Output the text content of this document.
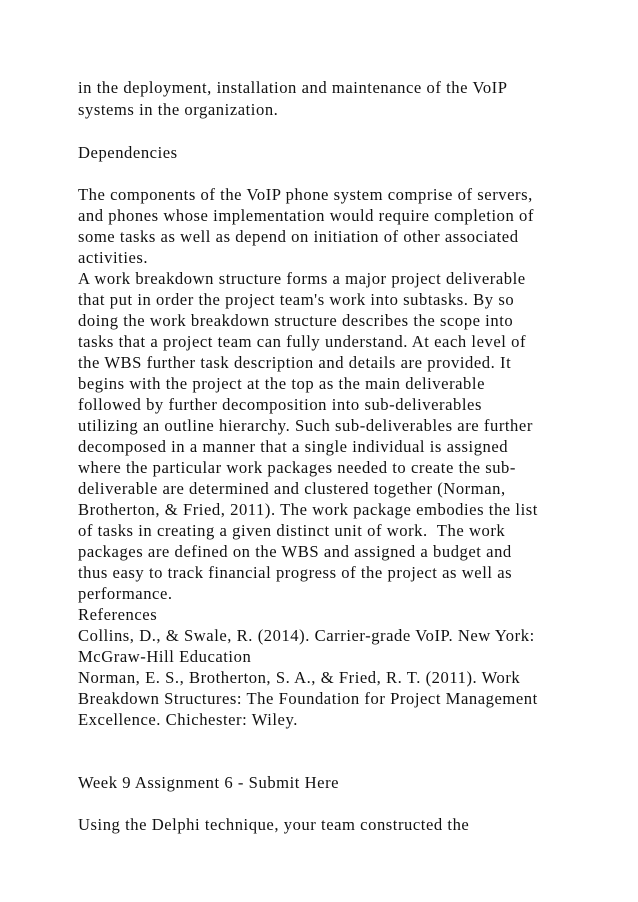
in the deployment, installation and maintenance of the VoIP

systems in the organization.

Dependencies

The components of the VoIP phone system comprise of servers,

and phones whose implementation would require completion of

some tasks as well as depend on initiation of other associated

activities.

A work breakdown structure forms a major project deliverable

that put in order the project team's work into subtasks. By so

doing the work breakdown structure describes the scope into

tasks that a project team can fully understand. At each level of

the WBS further task description and details are provided. It

begins with the project at the top as the main deliverable

followed by further decomposition into sub-deliverables

utilizing an outline hierarchy. Such sub-deliverables are further

decomposed in a manner that a single individual is assigned

where the particular work packages needed to create the sub-

deliverable are determined and clustered together (Norman,

Brotherton, & Fried, 2011). The work package embodies the list

of tasks in creating a given distinct unit of work.  The work

packages are defined on the WBS and assigned a budget and

thus easy to track financial progress of the project as well as

performance.

References

Collins, D., & Swale, R. (2014). Carrier-grade VoIP. New York:

McGraw-Hill Education

Norman, E. S., Brotherton, S. A., & Fried, R. T. (2011). Work

Breakdown Structures: The Foundation for Project Management

Excellence. Chichester: Wiley.

Week 9 Assignment 6 - Submit Here

Using the Delphi technique, your team constructed the
